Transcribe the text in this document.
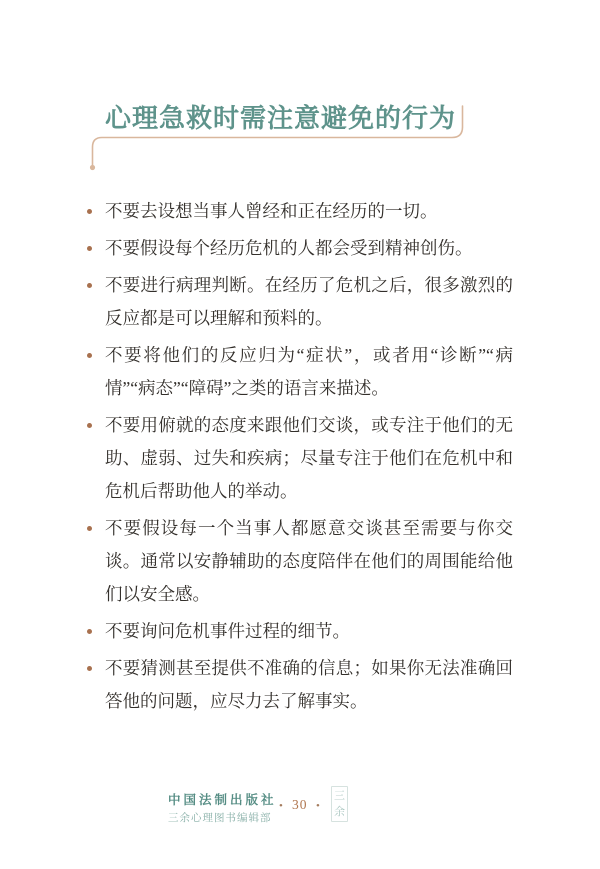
心理急救时需注意避免的行为
不要去设想当事人曾经和正在经历的一切。
不要假设每个经历危机的人都会受到精神创伤。
不要进行病理判断。在经历了危机之后，很多激烈的反应都是可以理解和预料的。
不要将他们的反应归为“症状”，或者用“诊断”“病情”“病态”“障碍”之类的语言来描述。
不要用俯就的态度来跟他们交谈，或专注于他们的无助、虚弱、过失和疾病；尽量专注于他们在危机中和危机后帮助他人的举动。
不要假设每一个当事人都愿意交谈甚至需要与你交谈。通常以安静辅助的态度陪伴在他们的周围能给他们以安全感。
不要询问危机事件过程的细节。
不要猜测甚至提供不准确的信息；如果你无法准确回答他的问题，应尽力去了解事实。
中国法制出版社
三余心理图书编辑部
• 30 •
三
余
